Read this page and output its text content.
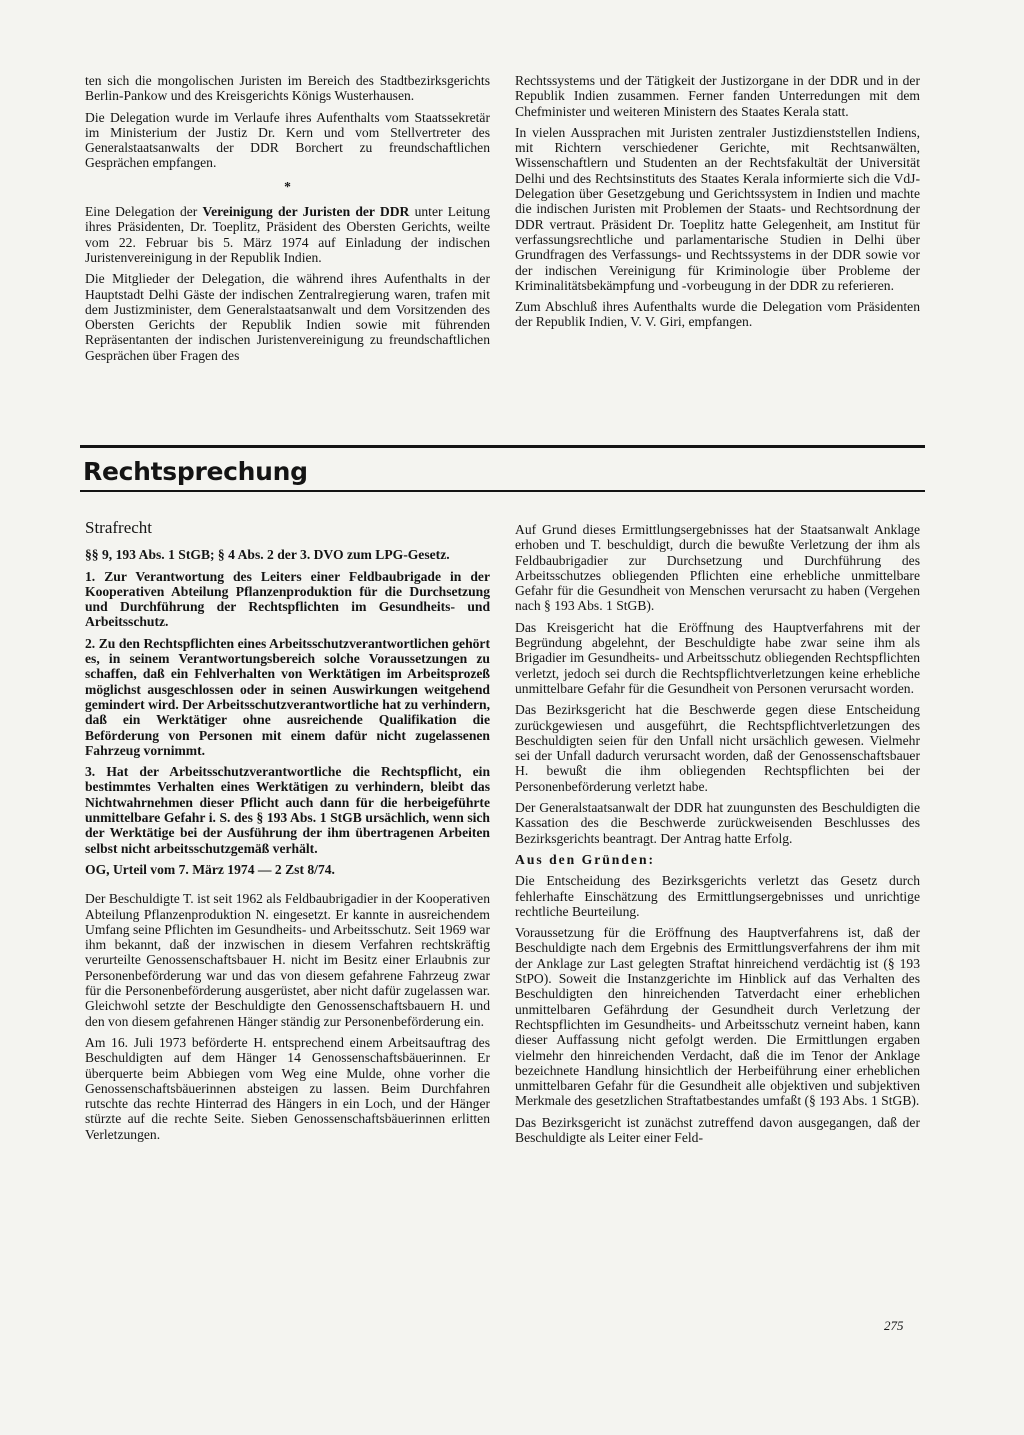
ten sich die mongolischen Juristen im Bereich des Stadtbezirksgerichts Berlin-Pankow und des Kreisgerichts Königs Wusterhausen.

Die Delegation wurde im Verlaufe ihres Aufenthalts vom Staatssekretär im Ministerium der Justiz Dr. Kern und vom Stellvertreter des Generalstaatsanwalts der DDR Borchert zu freundschaftlichen Gesprächen empfangen.

*

Eine Delegation der Vereinigung der Juristen der DDR unter Leitung ihres Präsidenten, Dr. Toeplitz, Präsident des Obersten Gerichts, weilte vom 22. Februar bis 5. März 1974 auf Einladung der indischen Juristenvereinigung in der Republik Indien.

Die Mitglieder der Delegation, die während ihres Aufenthalts in der Hauptstadt Delhi Gäste der indischen Zentralregierung waren, trafen mit dem Justizminister, dem Generalstaatsanwalt und dem Vorsitzenden des Obersten Gerichts der Republik Indien sowie mit führenden Repräsentanten der indischen Juristenvereinigung zu freundschaftlichen Gesprächen über Fragen des

Rechtssystems und der Tätigkeit der Justizorgane in der DDR und in der Republik Indien zusammen. Ferner fanden Unterredungen mit dem Chefminister und weiteren Ministern des Staates Kerala statt.

In vielen Aussprachen mit Juristen zentraler Justizdienststellen Indiens, mit Richtern verschiedener Gerichte, mit Rechtsanwälten, Wissenschaftlern und Studenten an der Rechtsfakultät der Universität Delhi und des Rechtsinstituts des Staates Kerala informierte sich die VdJ-Delegation über Gesetzgebung und Gerichtssystem in Indien und machte die indischen Juristen mit Problemen der Staats- und Rechtsordnung der DDR vertraut. Präsident Dr. Toeplitz hatte Gelegenheit, am Institut für verfassungsrechtliche und parlamentarische Studien in Delhi über Grundfragen des Verfassungs- und Rechtssystems in der DDR sowie vor der indischen Vereinigung für Kriminologie über Probleme der Kriminalitätsbekämpfung und -vorbeugung in der DDR zu referieren.

Zum Abschluß ihres Aufenthalts wurde die Delegation vom Präsidenten der Republik Indien, V. V. Giri, empfangen.

Rechtsprechung
Strafrecht

§§ 9, 193 Abs. 1 StGB; § 4 Abs. 2 der 3. DVO zum LPG-Gesetz.

1. Zur Verantwortung des Leiters einer Feldbaubrigade in der Kooperativen Abteilung Pflanzenproduktion für die Durchsetzung und Durchführung der Rechtspflichten im Gesundheits- und Arbeitsschutz.

2. Zu den Rechtspflichten eines Arbeitsschutzverantwortlichen gehört es, in seinem Verantwortungsbereich solche Voraussetzungen zu schaffen, daß ein Fehlverhalten von Werktätigen im Arbeitsprozeß möglichst ausgeschlossen oder in seinen Auswirkungen weitgehend gemindert wird. Der Arbeitsschutzverantwortliche hat zu verhindern, daß ein Werktätiger ohne ausreichende Qualifikation die Beförderung von Personen mit einem dafür nicht zugelassenen Fahrzeug vornimmt.

3. Hat der Arbeitsschutzverantwortliche die Rechtspflicht, ein bestimmtes Verhalten eines Werktätigen zu verhindern, bleibt das Nichtwahrnehmen dieser Pflicht auch dann für die herbeigeführte unmittelbare Gefahr i. S. des § 193 Abs. 1 StGB ursächlich, wenn sich der Werktätige bei der Ausführung der ihm übertragenen Arbeiten selbst nicht arbeitsschutzgemäß verhält.

OG, Urteil vom 7. März 1974 — 2 Zst 8/74.

Der Beschuldigte T. ist seit 1962 als Feldbaubrigadier in der Kooperativen Abteilung Pflanzenproduktion N. eingesetzt. Er kannte in ausreichendem Umfang seine Pflichten im Gesundheits- und Arbeitsschutz. Seit 1969 war ihm bekannt, daß der inzwischen in diesem Verfahren rechtskräftig verurteilte Genossenschaftsbauer H. nicht im Besitz einer Erlaubnis zur Personenbeförderung war und das von diesem gefahrene Fahrzeug zwar für die Personenbeförderung ausgerüstet, aber nicht dafür zugelassen war. Gleichwohl setzte der Beschuldigte den Genossenschaftsbauern H. und den von diesem gefahrenen Hänger ständig zur Personenbeförderung ein.

Am 16. Juli 1973 beförderte H. entsprechend einem Arbeitsauftrag des Beschuldigten auf dem Hänger 14 Genossenschaftsbäuerinnen. Er überquerte beim Abbiegen vom Weg eine Mulde, ohne vorher die Genossenschaftsbäuerinnen absteigen zu lassen. Beim Durchfahren rutschte das rechte Hinterrad des Hängers in ein Loch, und der Hänger stürzte auf die rechte Seite. Sieben Genossenschaftsbäuerinnen erlitten Verletzungen.

Auf Grund dieses Ermittlungsergebnisses hat der Staatsanwalt Anklage erhoben und T. beschuldigt, durch die bewußte Verletzung der ihm als Feldbaubrigadier zur Durchsetzung und Durchführung des Arbeitsschutzes obliegenden Pflichten eine erhebliche unmittelbare Gefahr für die Gesundheit von Menschen verursacht zu haben (Vergehen nach § 193 Abs. 1 StGB).

Das Kreisgericht hat die Eröffnung des Hauptverfahrens mit der Begründung abgelehnt, der Beschuldigte habe zwar seine ihm als Brigadier im Gesundheits- und Arbeitsschutz obliegenden Rechtspflichten verletzt, jedoch sei durch die Rechtspflichtverletzungen keine erhebliche unmittelbare Gefahr für die Gesundheit von Personen verursacht worden.

Das Bezirksgericht hat die Beschwerde gegen diese Entscheidung zurückgewiesen und ausgeführt, die Rechtspflichtverletzungen des Beschuldigten seien für den Unfall nicht ursächlich gewesen. Vielmehr sei der Unfall dadurch verursacht worden, daß der Genossenschaftsbauer H. bewußt die ihm obliegenden Rechtspflichten bei der Personenbeförderung verletzt habe.

Der Generalstaatsanwalt der DDR hat zuungunsten des Beschuldigten die Kassation des die Beschwerde zurückweisenden Beschlusses des Bezirksgerichts beantragt. Der Antrag hatte Erfolg.

Aus den Gründen:

Die Entscheidung des Bezirksgerichts verletzt das Gesetz durch fehlerhafte Einschätzung des Ermittlungsergebnisses und unrichtige rechtliche Beurteilung.

Voraussetzung für die Eröffnung des Hauptverfahrens ist, daß der Beschuldigte nach dem Ergebnis des Ermittlungsverfahrens der ihm mit der Anklage zur Last gelegten Straftat hinreichend verdächtig ist (§ 193 StPO). Soweit die Instanzgerichte im Hinblick auf das Verhalten des Beschuldigten den hinreichenden Tatverdacht einer erheblichen unmittelbaren Gefährdung der Gesundheit durch Verletzung der Rechtspflichten im Gesundheits- und Arbeitsschutz verneint haben, kann dieser Auffassung nicht gefolgt werden. Die Ermittlungen ergaben vielmehr den hinreichenden Verdacht, daß die im Tenor der Anklage bezeichnete Handlung hinsichtlich der Herbeiführung einer erheblichen unmittelbaren Gefahr für die Gesundheit alle objektiven und subjektiven Merkmale des gesetzlichen Straftatbestandes umfaßt (§ 193 Abs. 1 StGB).

Das Bezirksgericht ist zunächst zutreffend davon ausgegangen, daß der Beschuldigte als Leiter einer Feld-

275
